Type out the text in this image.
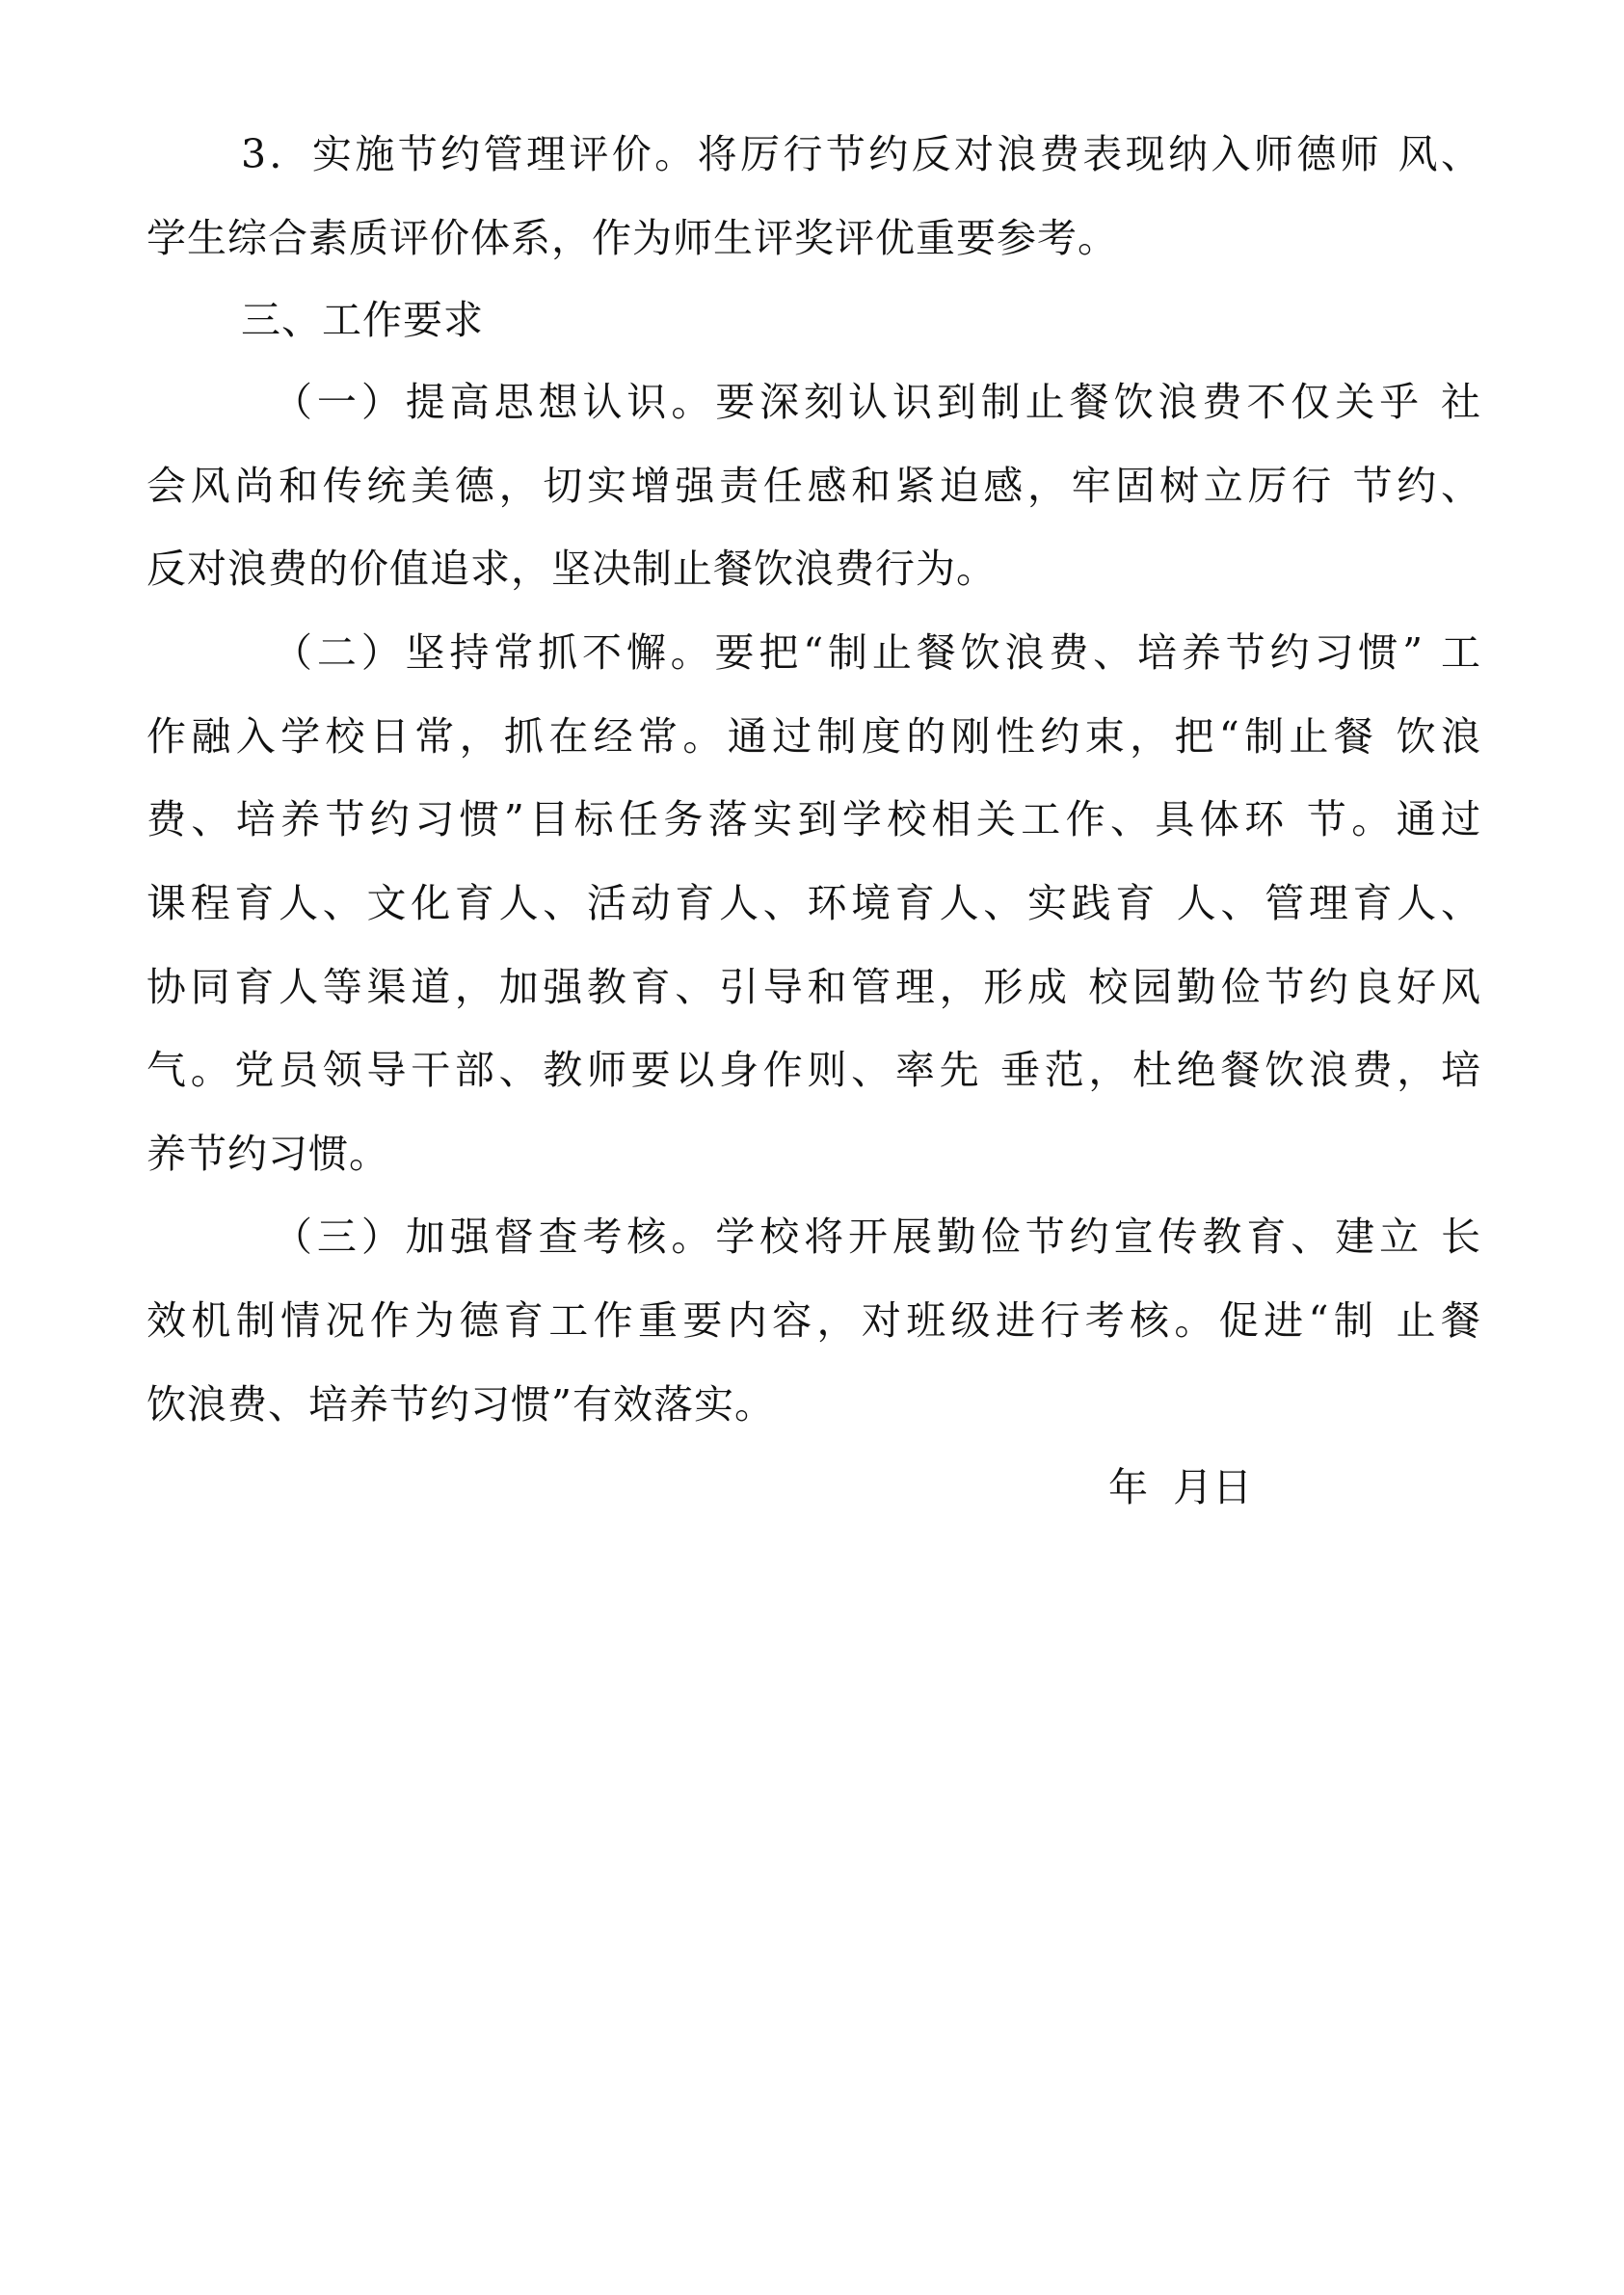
3．实施节约管理评价。将厉行节约反对浪费表现纳入师德师 风、
学生综合素质评价体系，作为师生评奖评优重要参考。
三、工作要求
（一）提高思想认识。要深刻认识到制止餐饮浪费不仅关乎 社
会风尚和传统美德，切实增强责任感和紧迫感，牢固树立厉行 节约、
反对浪费的价值追求，坚决制止餐饮浪费行为。
（二）坚持常抓不懈。要把“制止餐饮浪费、培养节约习惯” 工
作融入学校日常，抓在经常。通过制度的刚性约束，把“制止餐 饮浪
费、培养节约习惯”目标任务落实到学校相关工作、具体环 节。通过
课程育人、文化育人、活动育人、环境育人、实践育 人、管理育人、
协同育人等渠道，加强教育、引导和管理，形成 校园勤俭节约良好风
气。党员领导干部、教师要以身作则、率先 垂范，杜绝餐饮浪费，培
养节约习惯。
（三）加强督查考核。学校将开展勤俭节约宣传教育、建立 长
效机制情况作为德育工作重要内容，对班级进行考核。促进“制 止餐
饮浪费、培养节约习惯”有效落实。
年  月日
